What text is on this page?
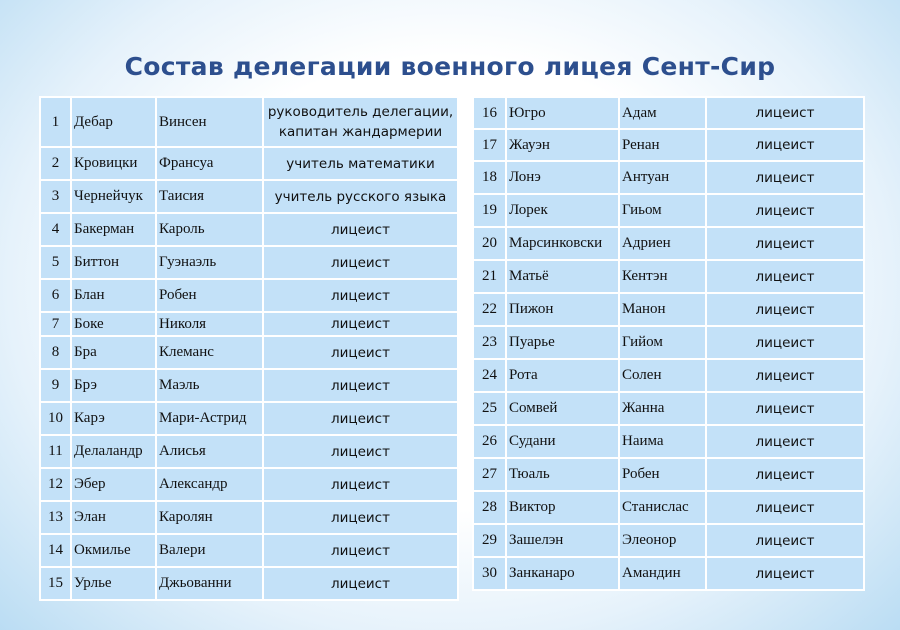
Состав делегации военного лицея Сент-Сир
1	Дебар	Винсен	руководитель делегации, капитан жандармерии
2	Кровицки	Франсуа	учитель математики
3	Чернейчук	Таисия	учитель русского языка
4	Бакерман	Кароль	лицеист
5	Биттон	Гуэнаэль	лицеист
6	Блан	Робен	лицеист
7	Боке	Николя	лицеист
8	Бра	Клеманс	лицеист
9	Брэ	Маэль	лицеист
10	Карэ	Мари-Астрид	лицеист
11	Делаландр	Алисья	лицеист
12	Эбер	Александр	лицеист
13	Элан	Каролян	лицеист
14	Окмильe	Валери	лицеист
15	Урлье	Джьованни	лицеист
16	Югро	Адам	лицеист
17	Жауэн	Ренан	лицеист
18	Лонэ	Антуан	лицеист
19	Лорек	Гиьом	лицеист
20	Марсинковски	Адриен	лицеист
21	Матьё	Кентэн	лицеист
22	Пижон	Манон	лицеист
23	Пуарье	Гийом	лицеист
24	Рота	Солен	лицеист
25	Сомвей	Жанна	лицеист
26	Судани	Наима	лицеист
27	Тюаль	Робен	лицеист
28	Виктор	Станислас	лицеист
29	Зашелэн	Элеонор	лицеист
30	Занканаро	Амандин	лицеист
